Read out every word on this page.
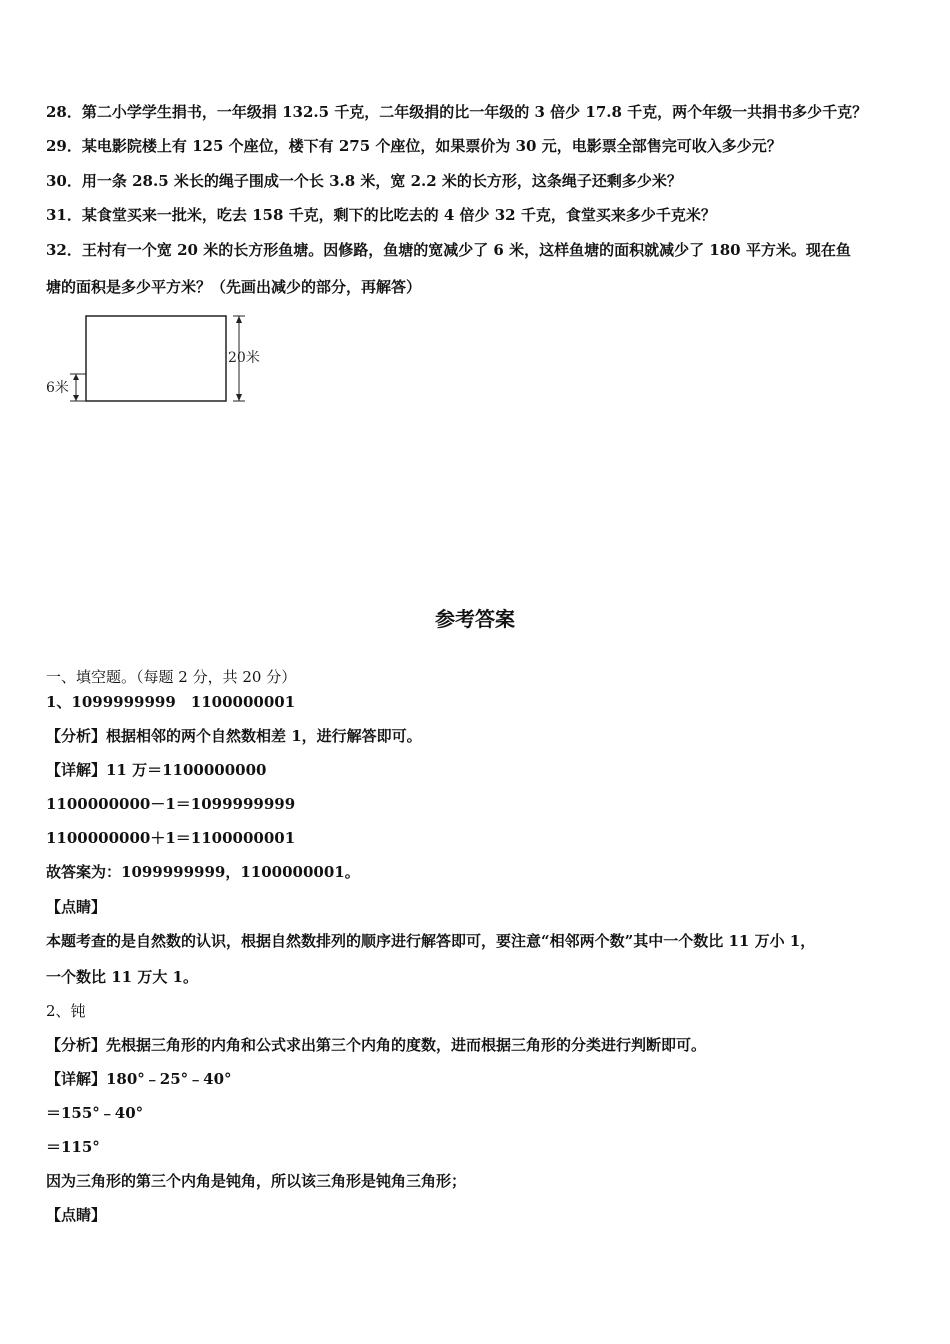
28．第二小学学生捐书，一年级捐 132.5 千克，二年级捐的比一年级的 3 倍少 17.8 千克，两个年级一共捐书多少千克？
29．某电影院楼上有 125 个座位，楼下有 275 个座位，如果票价为 30 元，电影票全部售完可收入多少元？
30．用一条 28.5 米长的绳子围成一个长 3.8 米，宽 2.2 米的长方形，这条绳子还剩多少米？
31．某食堂买来一批米，吃去 158 千克，剩下的比吃去的 4 倍少 32 千克，食堂买来多少千克米？
32．王村有一个宽 20 米的长方形鱼塘。因修路，鱼塘的宽减少了 6 米，这样鱼塘的面积就减少了 180 平方米。现在鱼
塘的面积是多少平方米？（先画出减少的部分，再解答）
20米
6米
参考答案
一、填空题。（每题 2 分，共 20 分）
1、1099999999　1100000001
【分析】根据相邻的两个自然数相差 1，进行解答即可。
【详解】11 万＝1100000000
1100000000－1＝1099999999
1100000000＋1＝1100000001
故答案为：1099999999，1100000001。
【点睛】
本题考查的是自然数的认识，根据自然数排列的顺序进行解答即可，要注意“相邻两个数”其中一个数比 11 万小 1，
一个数比 11 万大 1。
2、钝
【分析】先根据三角形的内角和公式求出第三个内角的度数，进而根据三角形的分类进行判断即可。
【详解】180°﹣25°﹣40°
＝155°﹣40°
＝115°
因为三角形的第三个内角是钝角，所以该三角形是钝角三角形；
【点睛】
